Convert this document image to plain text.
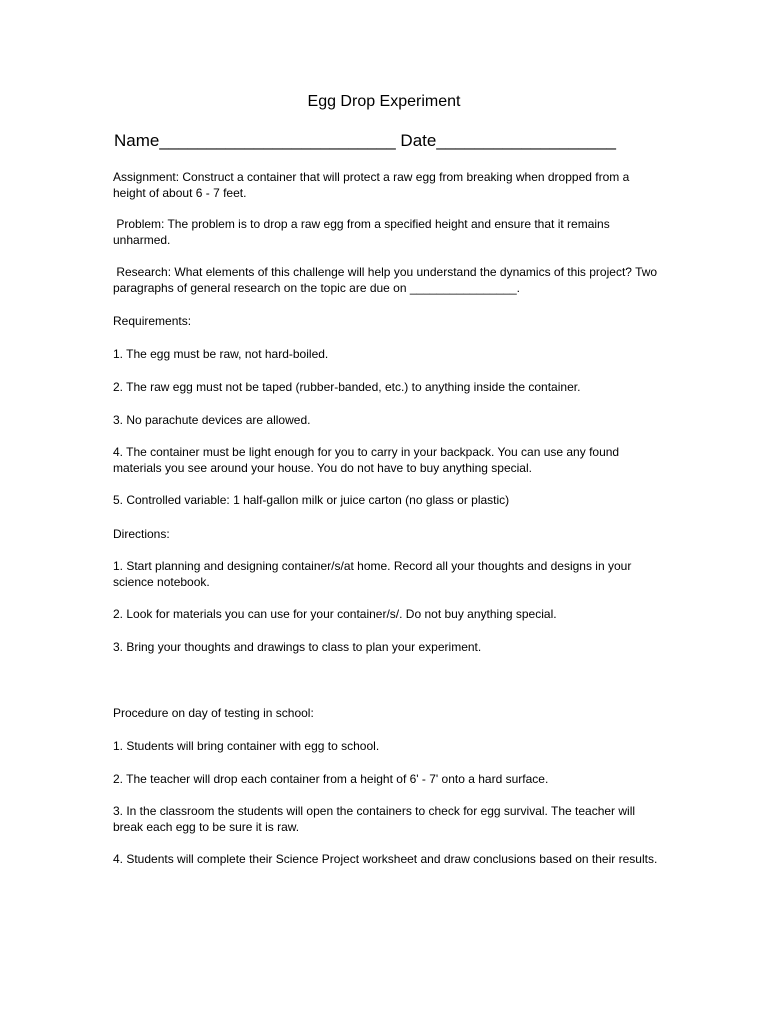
Egg Drop Experiment
Name_________________________ Date___________________

Assignment: Construct a container that will protect a raw egg from breaking when dropped from a height of about 6 - 7 feet.

Problem: The problem is to drop a raw egg from a specified height and ensure that it remains unharmed.

Research: What elements of this challenge will help you understand the dynamics of this project? Two paragraphs of general research on the topic are due on ________________.

Requirements:

1. The egg must be raw, not hard-boiled.

2. The raw egg must not be taped (rubber-banded, etc.) to anything inside the container.

3. No parachute devices are allowed.

4. The container must be light enough for you to carry in your backpack. You can use any found materials you see around your house. You do not have to buy anything special.

5. Controlled variable: 1 half-gallon milk or juice carton (no glass or plastic)

Directions:

1. Start planning and designing container/s/at home. Record all your thoughts and designs in your science notebook.

2. Look for materials you can use for your container/s/. Do not buy anything special.

3. Bring your thoughts and drawings to class to plan your experiment.

Procedure on day of testing in school:

1. Students will bring container with egg to school.

2. The teacher will drop each container from a height of 6' - 7' onto a hard surface.

3. In the classroom the students will open the containers to check for egg survival. The teacher will break each egg to be sure it is raw.

4. Students will complete their Science Project worksheet and draw conclusions based on their results.
